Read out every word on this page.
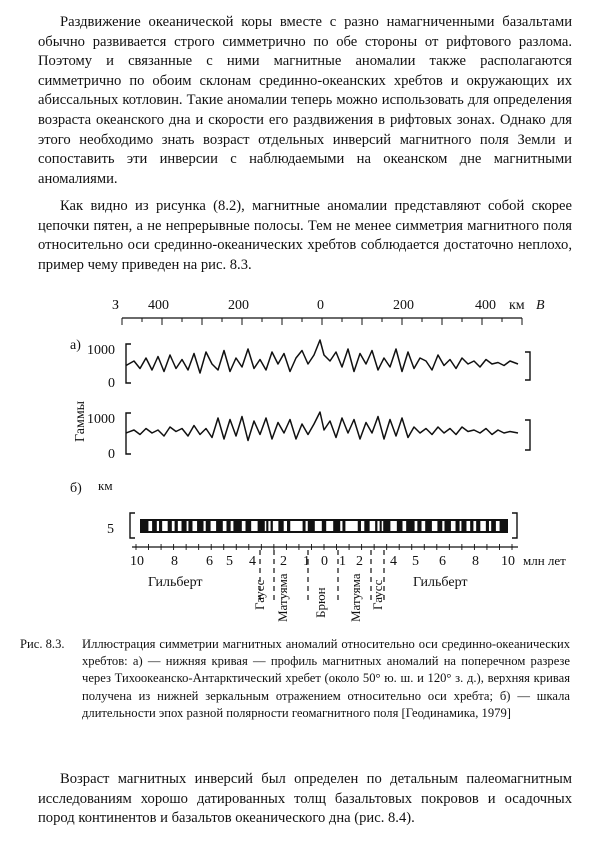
Раздвижение океанической коры вместе с разно намагниченными базальтами обычно развивается строго симметрично по обе стороны от рифтового разлома. Поэтому и связанные с ними магнитные аномалии также располагаются симметрично по обоим склонам срединно-океанских хребтов и окружающих их абиссальных котловин. Такие аномалии теперь можно использовать для определения возраста океанского дна и скорости его раздвижения в рифтовых зонах. Однако для этого необходимо знать возраст отдельных инверсий магнитного поля Земли и сопоставить эти инверсии с наблюдаемыми на океанском дне магнитными аномалиями.

Как видно из рисунка (8.2), магнитные аномалии представляют собой скорее цепочки пятен, а не непрерывные полосы. Тем не менее симметрия магнитного поля относительно оси срединно-океанических хребтов соблюдается достаточно неплохо, пример чему приведен на рис. 8.3.

З 400	200	0	200	400 км В
а)
Гаммы
1000
0
1000
0
б) км
5
10 8 6 5 4 2 1 0 1 2 4 5 6 8 10 млн лет
Гильберт	Гильберт
Гаусс Матуяма Брюн Матуяма Гаусс
Рис. 8.3.	Иллюстрация симметрии магнитных аномалий относительно оси срединно-океанических хребтов: а) — нижняя кривая — профиль магнитных аномалий на поперечном разрезе через Тихоокеанско-Антарктический хребет (около 50° ю. ш. и 120° з. д.), верхняя кривая получена из нижней зеркальным отражением относительно оси хребта; б) — шкала длительности эпох разной полярности геомагнитного поля [Геодинамика, 1979]

Возраст магнитных инверсий был определен по детальным палеомагнитным исследованиям хорошо датированных толщ базальтовых покровов и осадочных пород континентов и базальтов океанического дна (рис. 8.4).
